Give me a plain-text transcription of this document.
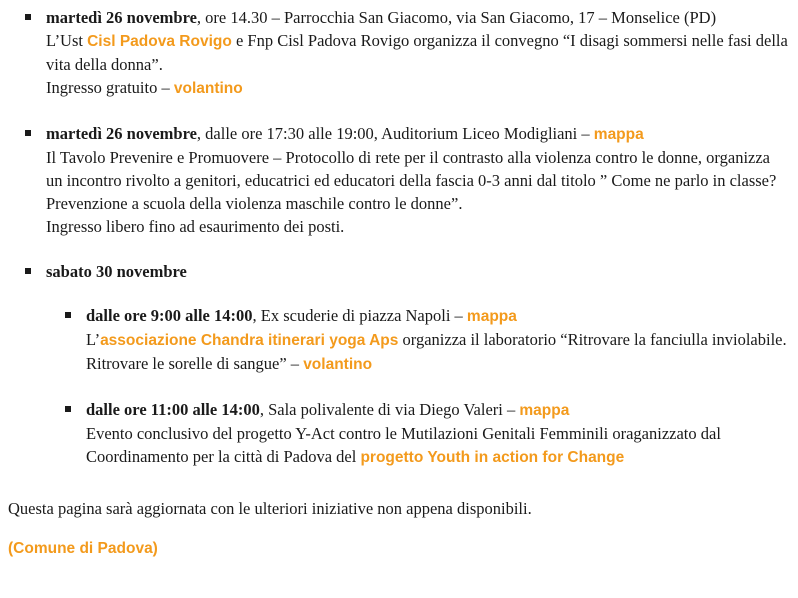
martedì 26 novembre, ore 14.30 – Parrocchia San Giacomo, via San Giacomo, 17 – Monselice (PD)
L’Ust Cisl Padova Rovigo e Fnp Cisl Padova Rovigo organizza il convegno “I disagi sommersi nelle fasi della vita della donna”.
Ingresso gratuito – volantino
martedì 26 novembre, dalle ore 17:30 alle 19:00, Auditorium Liceo Modigliani – mappa
Il Tavolo Prevenire e Promuovere – Protocollo di rete per il contrasto alla violenza contro le donne, organizza un incontro rivolto a genitori, educatrici ed educatori della fascia 0-3 anni dal titolo ” Come ne parlo in classe? Prevenzione a scuola della violenza maschile contro le donne”.
Ingresso libero fino ad esaurimento dei posti.
sabato 30 novembre
dalle ore 9:00 alle 14:00, Ex scuderie di piazza Napoli – mappa
L’associazione Chandra itinerari yoga Aps organizza il laboratorio “Ritrovare la fanciulla inviolabile. Ritrovare le sorelle di sangue” – volantino
dalle ore 11:00 alle 14:00, Sala polivalente di via Diego Valeri – mappa
Evento conclusivo del progetto Y-Act contro le Mutilazioni Genitali Femminili oraganizzato dal Coordinamento per la città di Padova del progetto Youth in action for Change

Questa pagina sarà aggiornata con le ulteriori iniziative non appena disponibili.

(Comune di Padova)
